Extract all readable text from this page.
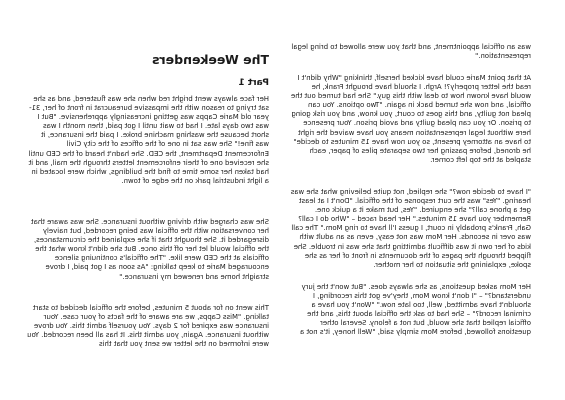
was an official appointment, and that you were allowed to bring legal representation."

At that point Marie could have kicked herself, thinking "Why didn't I read the letter properly?! Argh. I should have brought Frank, he would have known how to deal with this guy." She had turned out the official, and now she turned back in again. "Two options. You can plead not guilty, and this goes to court, you know, and you risk going to prison. Or you can plead guilty and avoid prison. Your presence here without legal representation means you have waived the right to have an attorney present, so you now have 15 minutes to decide" he droned, before passing her two separate piles of paper, each stapled at the top left corner.

"I have to decide now?" she replied, not quite believing what she was hearing. "Yes" was the curt response of the official. "Don't I at least get a phone call?" she enquired. "Yes, but make it a quick one. Remember you have 15 minutes." Her head raced – "Who do I call? Gah, Frank's probably in court, I guess I'll have to ring Mom." The call was over in seconds. Her Mom was not easy, even as an adult with kids of her own it was difficult admitting that she was in trouble. She flipped through the pages of the documents in front of her as she spoke, explaining the situation to her mother.

Her Mom asked questions, as she always does. "But won't the jury understand?" – "I don't know Mom, they've got this recording, I shouldn't have admitted, well, too late now." "Won't you have a criminal record?" – She had to ask the official about this, and the official replied that she would, but not a felony. Several other questions followed, before Mom simply said, "Well honey, it's not a

The Weekenders
Part 1

Her face always went bright red when she was flustered, and as she sat trying to reason with the impassive bureaucrat in front of her, 31-year old Marie Capps was getting increasingly apprehensive. "But I was two days late. I had to wait until I got paid, then month I was short because the washing machine broke. I paid the insurance, it was fine!" She was sat in one of the offices of the city Civil Enforcement Department, the CED. She hadn't heard of the CED until she received one of their enforcement letters through the mail, and it had taken her some time to find the buildings, which were located in a light industrial park on the edge of town.

She was charged with driving without insurance. She was aware that her conversation with the official was being recorded, but naively disregarded it. She thought that if she explained the circumstances, the official would let her off this once. But she didn't know what the officials at the CED were like. "The official's continuing silence encouraged Marie to keep talking: "As soon as I got paid, I drove straight home and renewed my insurance."

This went on for about 5 minutes, before the official decided to start talking. "Miss Capps, we are aware of the facts of your case. Your insurance was expired for 2 days. You yourself admit this. You drove without insurance. Again, you admit this. It has all been recorded. You were informed on the letter we sent you that this
